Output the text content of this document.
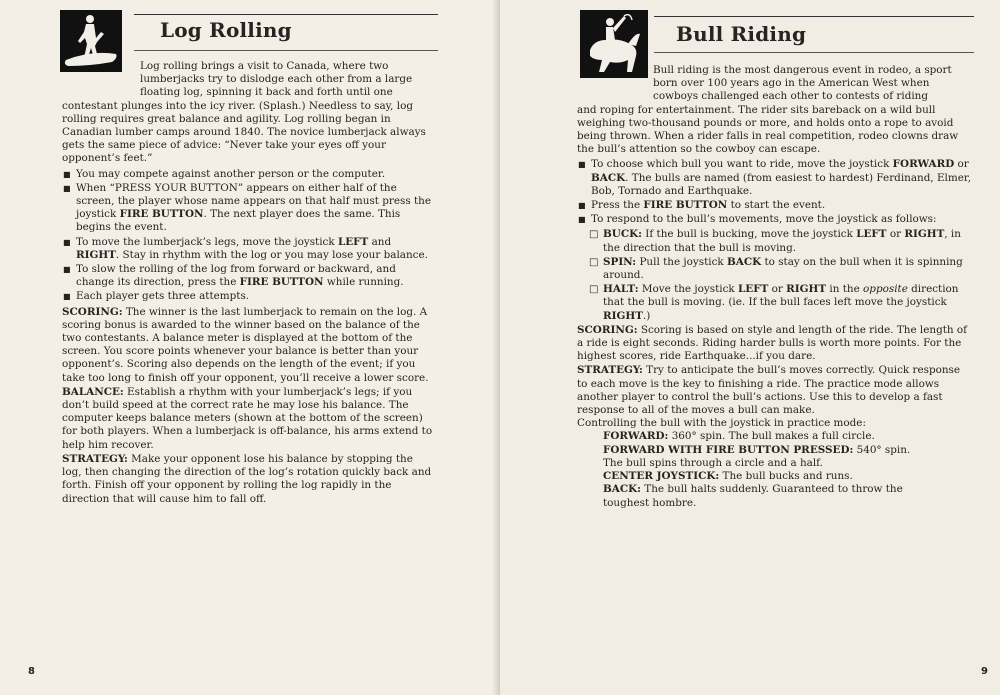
Log Rolling

Log rolling brings a visit to Canada, where two

lumberjacks try to dislodge each other from a large

floating log, spinning it back and forth until one

contestant plunges into the icy river. (Splash.) Needless to say, log rolling requires great balance and agility. Log rolling began in Canadian lumber camps around 1840. The novice lumberjack always gets the same piece of advice: “Never take your eyes off your opponent’s feet.”

■ You may compete against another person or the computer.
■ When “PRESS YOUR BUTTON” appears on either half of the screen, the player whose name appears on that half must press the joystick FIRE BUTTON. The next player does the same. This begins the event.
■ To move the lumberjack’s legs, move the joystick LEFT and RIGHT. Stay in rhythm with the log or you may lose your balance.
■ To slow the rolling of the log from forward or backward, and change its direction, press the FIRE BUTTON while running.
■ Each player gets three attempts.

SCORING: The winner is the last lumberjack to remain on the log. A scoring bonus is awarded to the winner based on the balance of the two contestants. A balance meter is displayed at the bottom of the screen. You score points whenever your balance is better than your opponent’s. Scoring also depends on the length of the event; if you take too long to finish off your opponent, you’ll receive a lower score.

BALANCE: Establish a rhythm with your lumberjack’s legs; if you don’t build speed at the correct rate he may lose his balance. The computer keeps balance meters (shown at the bottom of the screen) for both players. When a lumberjack is off-balance, his arms extend to help him recover.

STRATEGY: Make your opponent lose his balance by stopping the log, then changing the direction of the log’s rotation quickly back and forth. Finish off your opponent by rolling the log rapidly in the direction that will cause him to fall off.

8
Bull Riding

Bull riding is the most dangerous event in rodeo, a sport

born over 100 years ago in the American West when

cowboys challenged each other to contests of riding

and roping for entertainment. The rider sits bareback on a wild bull weighing two-thousand pounds or more, and holds onto a rope to avoid being thrown. When a rider falls in real competition, rodeo clowns draw the bull’s attention so the cowboy can escape.

■ To choose which bull you want to ride, move the joystick FORWARD or BACK. The bulls are named (from easiest to hardest) Ferdinand, Elmer, Bob, Tornado and Earthquake.
■ Press the FIRE BUTTON to start the event.
■ To respond to the bull’s movements, move the joystick as follows:
□ BUCK: If the bull is bucking, move the joystick LEFT or RIGHT, in the direction that the bull is moving.
□ SPIN: Pull the joystick BACK to stay on the bull when it is spinning around.
□ HALT: Move the joystick LEFT or RIGHT in the opposite direction that the bull is moving. (ie. If the bull faces left move the joystick RIGHT.)

SCORING: Scoring is based on style and length of the ride. The length of a ride is eight seconds. Riding harder bulls is worth more points. For the highest scores, ride Earthquake...if you dare.

STRATEGY: Try to anticipate the bull’s moves correctly. Quick response to each move is the key to finishing a ride. The practice mode allows another player to control the bull’s actions. Use this to develop a fast response to all of the moves a bull can make.

Controlling the bull with the joystick in practice mode:

FORWARD: 360° spin. The bull makes a full circle.

FORWARD WITH FIRE BUTTON PRESSED: 540° spin.

The bull spins through a circle and a half.

CENTER JOYSTICK: The bull bucks and runs.

BACK: The bull halts suddenly. Guaranteed to throw the

toughest hombre.

9
